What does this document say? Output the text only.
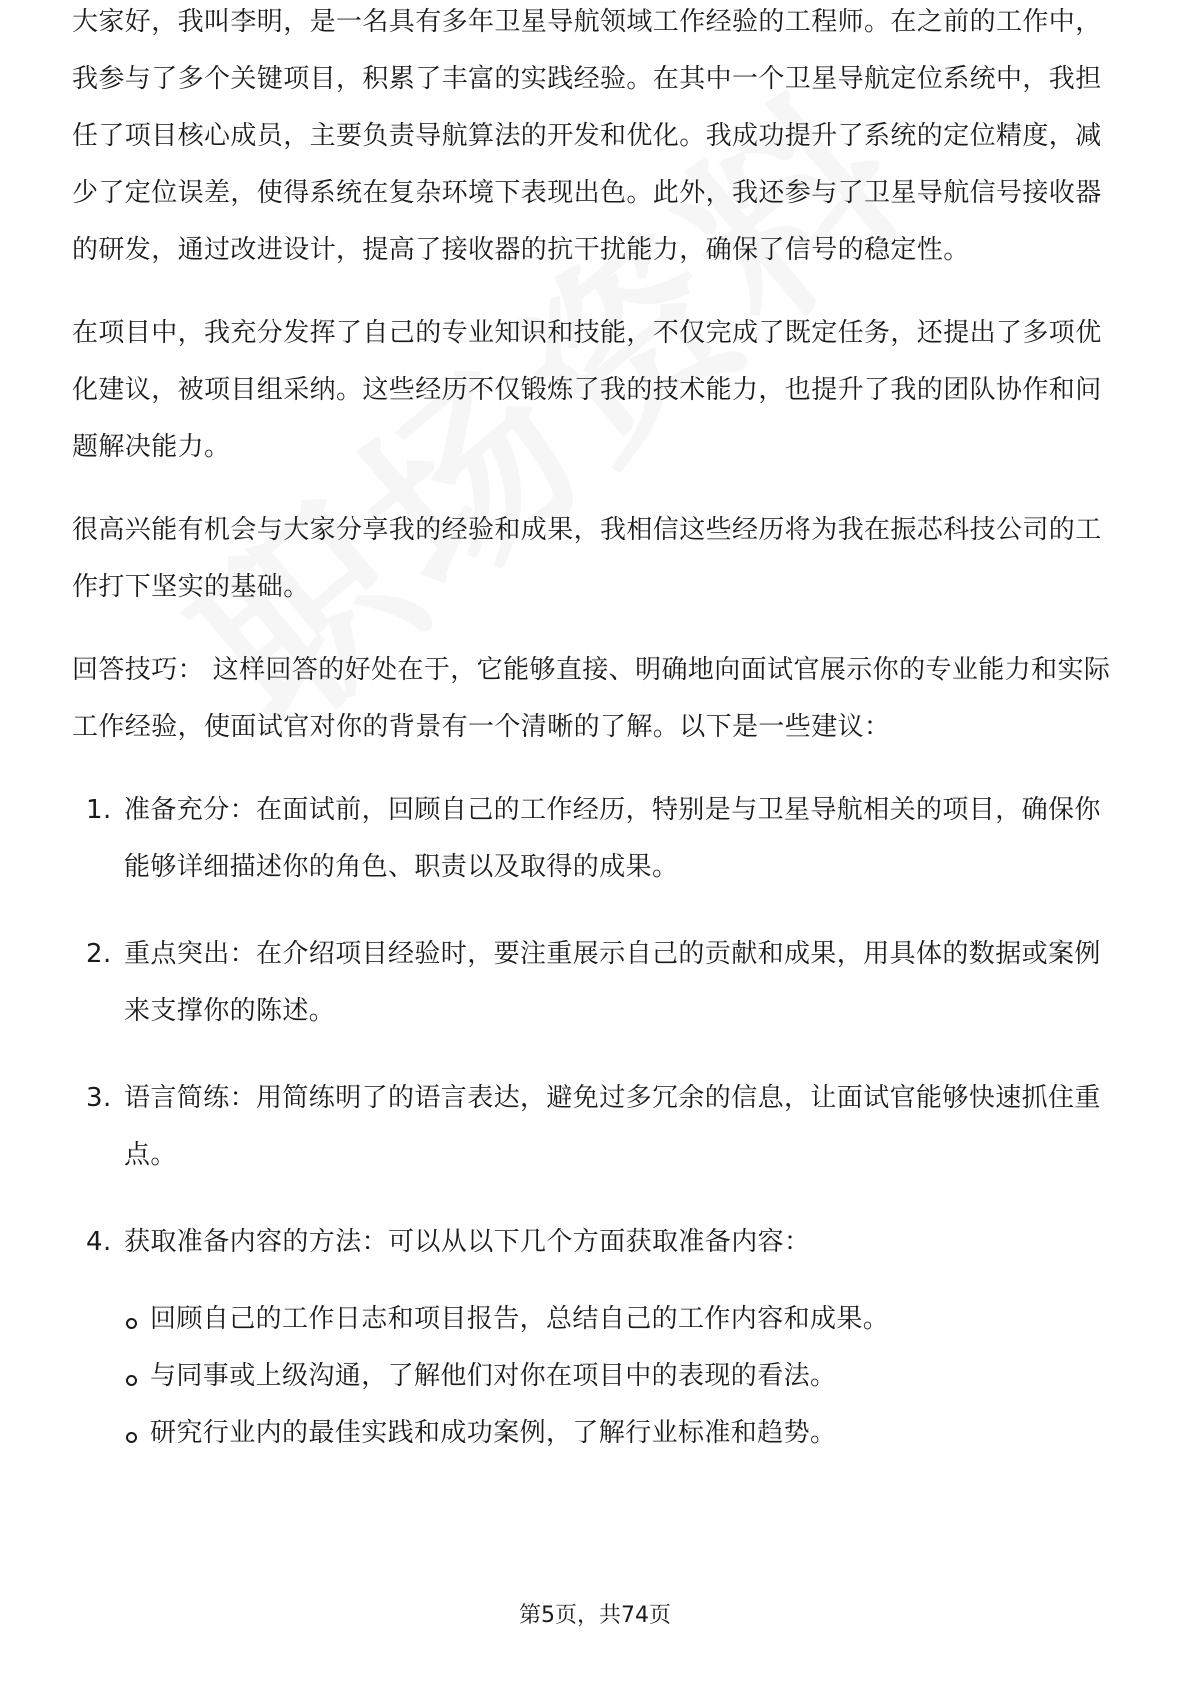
大家好，我叫李明，是一名具有多年卫星导航领域工作经验的工程师。在之前的工作中，我参与了多个关键项目，积累了丰富的实践经验。在其中一个卫星导航定位系统中，我担任了项目核心成员，主要负责导航算法的开发和优化。我成功提升了系统的定位精度，减少了定位误差，使得系统在复杂环境下表现出色。此外，我还参与了卫星导航信号接收器的研发，通过改进设计，提高了接收器的抗干扰能力，确保了信号的稳定性。

在项目中，我充分发挥了自己的专业知识和技能，不仅完成了既定任务，还提出了多项优化建议，被项目组采纳。这些经历不仅锻炼了我的技术能力，也提升了我的团队协作和问题解决能力。

很高兴能有机会与大家分享我的经验和成果，我相信这些经历将为我在振芯科技公司的工作打下坚实的基础。

回答技巧： 这样回答的好处在于，它能够直接、明确地向面试官展示你的专业能力和实际工作经验，使面试官对你的背景有一个清晰的了解。以下是一些建议：

1. 准备充分：在面试前，回顾自己的工作经历，特别是与卫星导航相关的项目，确保你能够详细描述你的角色、职责以及取得的成果。
2. 重点突出：在介绍项目经验时，要注重展示自己的贡献和成果，用具体的数据或案例来支撑你的陈述。
3. 语言简练：用简练明了的语言表达，避免过多冗余的信息，让面试官能够快速抓住重点。
4. 获取准备内容的方法：可以从以下几个方面获取准备内容：
回顾自己的工作日志和项目报告，总结自己的工作内容和成果。
与同事或上级沟通，了解他们对你在项目中的表现的看法。
研究行业内的最佳实践和成功案例，了解行业标准和趋势。
第5页，共74页
